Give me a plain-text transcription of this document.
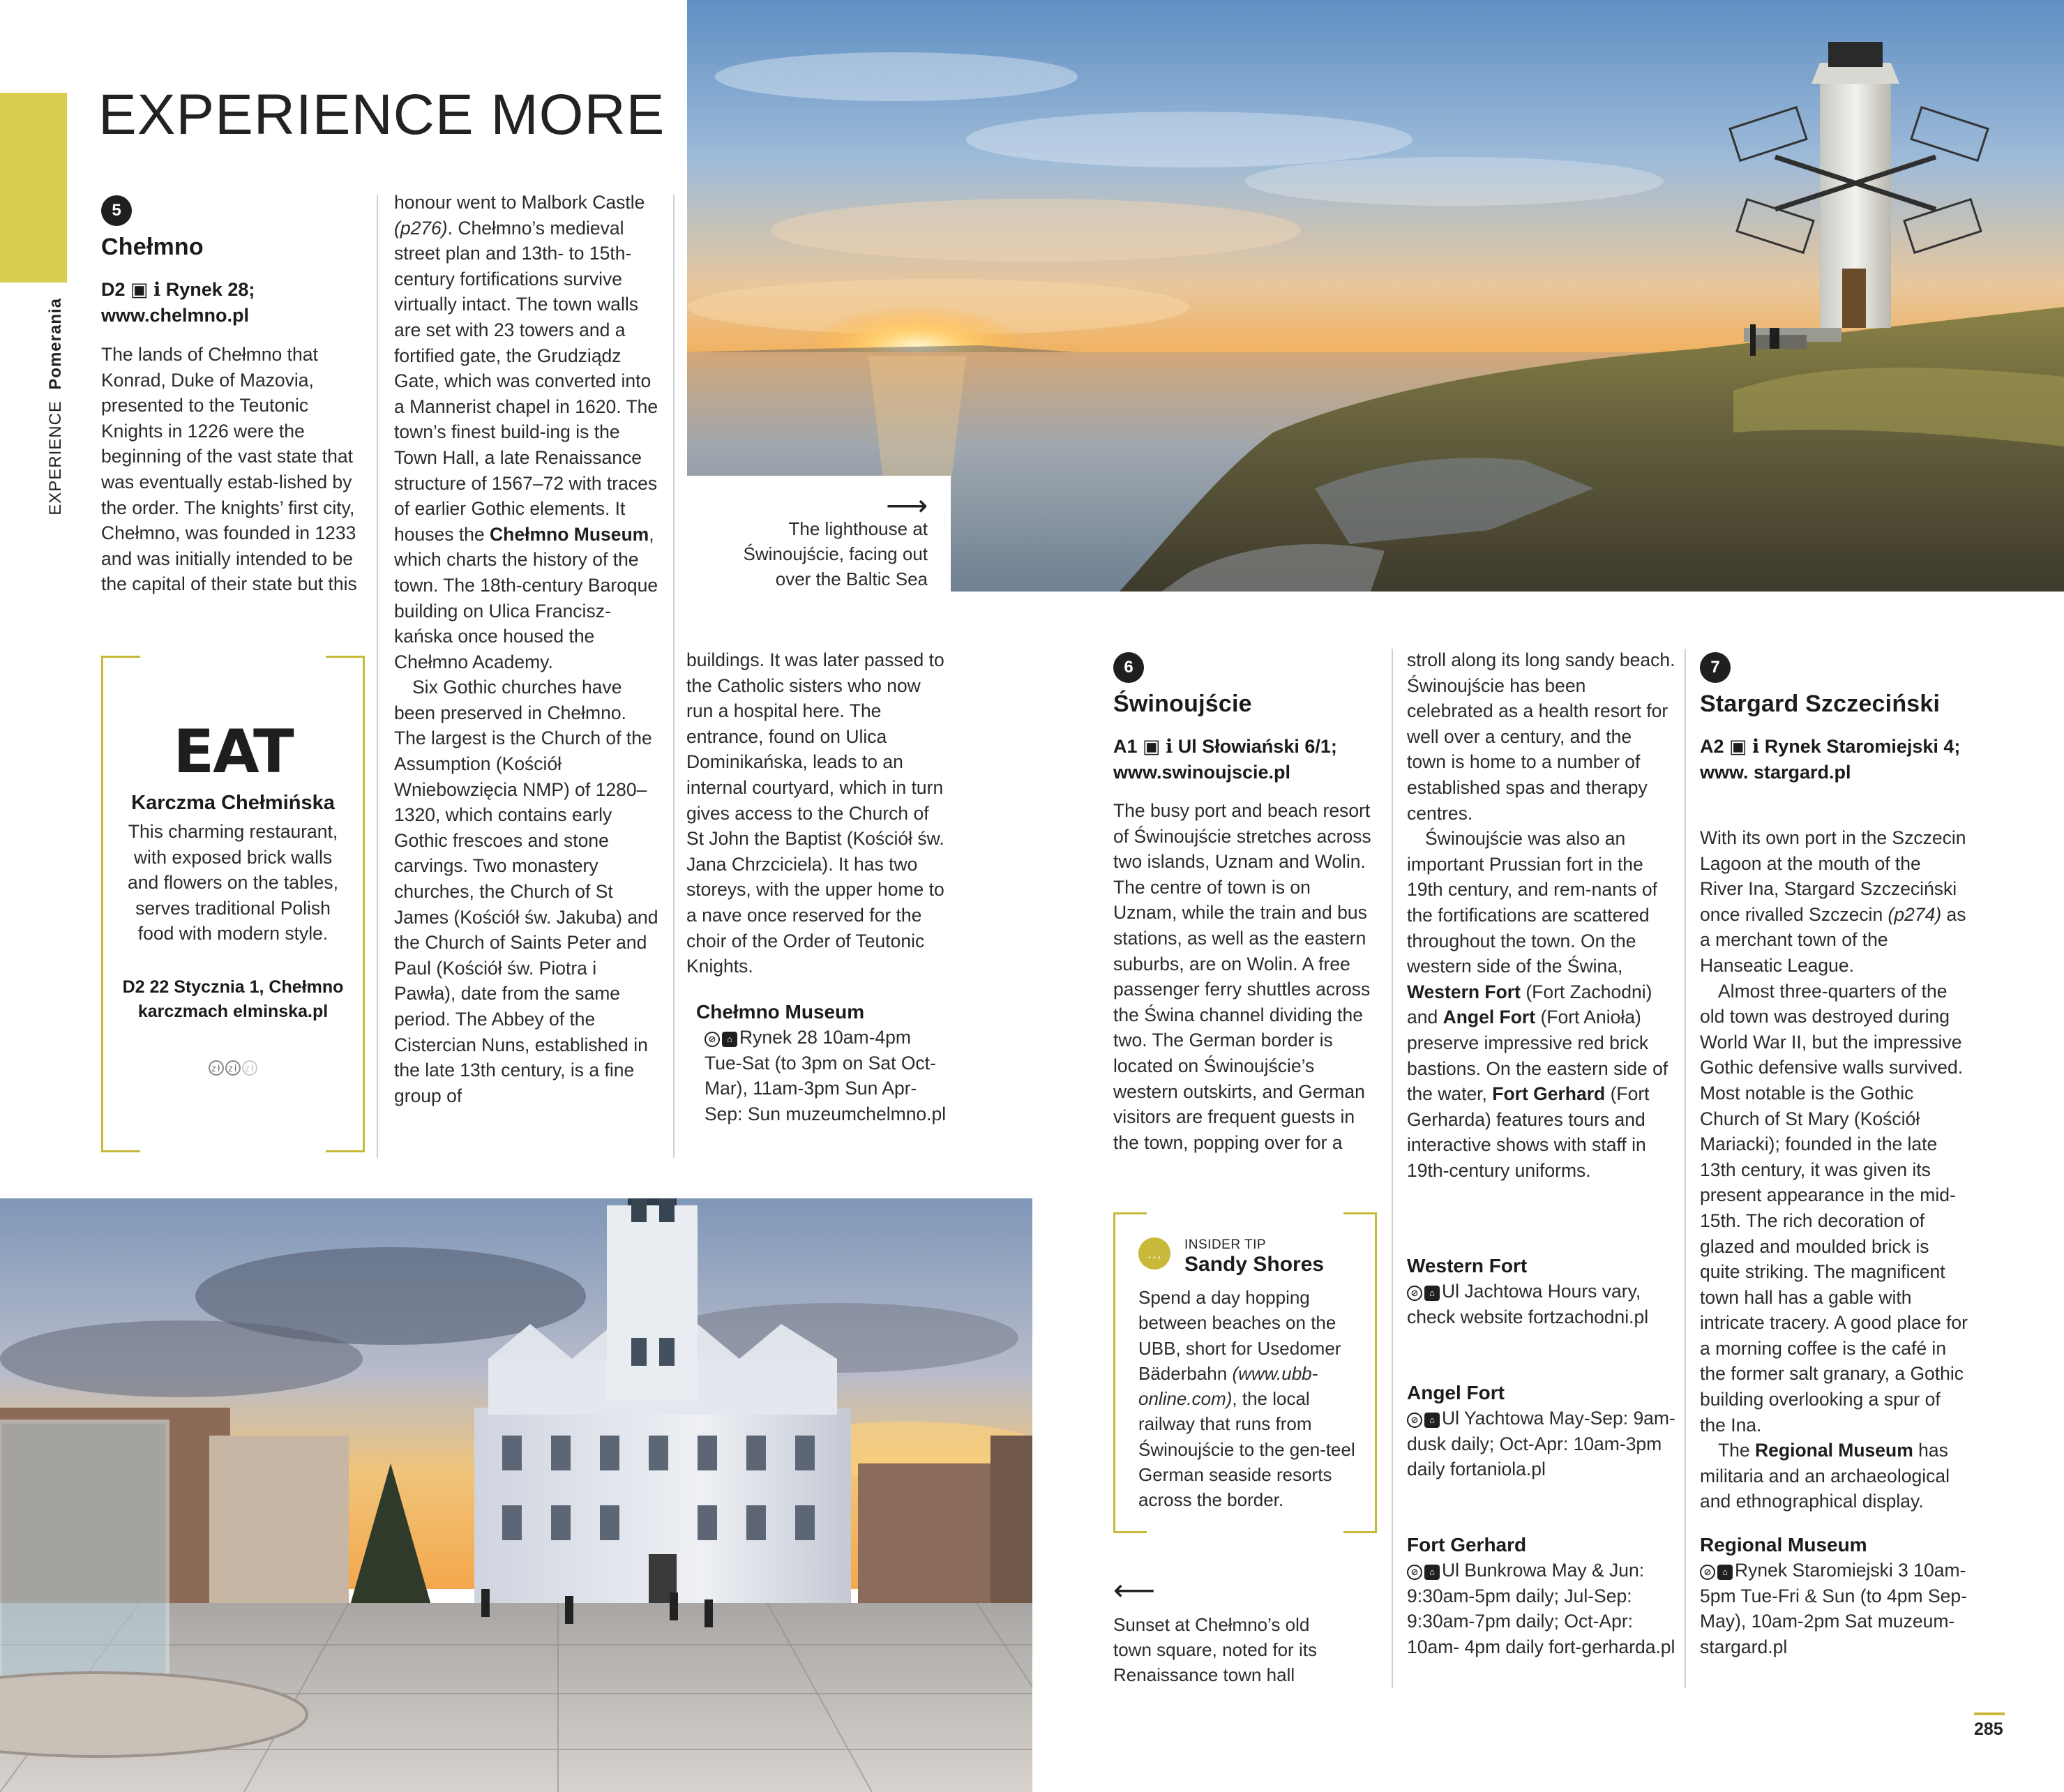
EXPERIENCE  Pomerania
EXPERIENCE MORE
⟶
The lighthouse at Świnoujście, facing out over the Baltic Sea
5
Chełmno
D2 ▣ ℹ Rynek 28; www.chelmno.pl

The lands of Chełmno that Konrad, Duke of Mazovia, presented to the Teutonic Knights in 1226 were the beginning of the vast state that was eventually estab-lished by the order. The knights’ first city, Chełmno, was founded in 1233 and was initially intended to be the capital of their state but this

honour went to Malbork Castle (p276). Chełmno’s medieval street plan and 13th- to 15th-century fortifications survive virtually intact. The town walls are set with 23 towers and a fortified gate, the Grudziądz Gate, which was converted into a Mannerist chapel in 1620. The town’s finest build-ing is the Town Hall, a late Renaissance structure of 1567–72 with traces of earlier Gothic elements. It houses the Chełmno Museum, which charts the history of the town. The 18th-century Baroque building on Ulica Francisz-kańska once housed the Chełmno Academy.

Six Gothic churches have been preserved in Chełmno. The largest is the Church of the Assumption (Kościół Wniebowzięcia NMP) of 1280–1320, which contains early Gothic frescoes and stone carvings. Two monastery churches, the Church of St James (Kościół św. Jakuba) and the Church of Saints Peter and Paul (Kościół św. Piotra i Pawła), date from the same period. The Abbey of the Cistercian Nuns, established in the late 13th century, is a fine group of

buildings. It was later passed to the Catholic sisters who now run a hospital here. The entrance, found on Ulica Dominikańska, leads to an internal courtyard, which in turn gives access to the Church of St John the Baptist (Kościół św. Jana Chrzciciela). It has two storeys, with the upper home to a nave once reserved for the choir of the Order of Teutonic Knights.

Chełmno Museum
⊘ ⌂ Rynek 28 10am-4pm Tue-Sat (to 3pm on Sat Oct-Mar), 11am-3pm Sun Apr-Sep: Sun muzeumchelmno.pl
EAT
Karczma Chełmińska
This charming restaurant, with exposed brick walls and flowers on the tables, serves traditional Polish food with modern style.
D2 22 Stycznia 1, Chełmno karczmach elminska.pl
zł zł zł
6
Świnoujście
A1 ▣ ℹ Ul Słowiański 6/1; www.swinoujscie.pl

The busy port and beach resort of Świnoujście stretches across two islands, Uznam and Wolin. The centre of town is on Uznam, while the train and bus stations, as well as the eastern suburbs, are on Wolin. A free passenger ferry shuttles across the Świna channel dividing the two. The German border is located on Świnoujście’s western outskirts, and German visitors are frequent guests in the town, popping over for a

stroll along its long sandy beach. Świnoujście has been celebrated as a health resort for well over a century, and the town is home to a number of established spas and therapy centres.

Świnoujście was also an important Prussian fort in the 19th century, and rem-nants of the fortifications are scattered throughout the town. On the western side of the Świna, Western Fort (Fort Zachodni) and Angel Fort (Fort Anioła) preserve impressive red brick bastions. On the eastern side of the water, Fort Gerhard (Fort Gerharda) features tours and interactive shows with staff in 19th-century uniforms.

Western Fort
⊘ ⌂ Ul Jachtowa Hours vary, check website fortzachodni.pl
Angel Fort
⊘ ⌂ Ul Yachtowa May-Sep: 9am-dusk daily; Oct-Apr: 10am-3pm daily fortaniola.pl
Fort Gerhard
⊘ ⌂ Ul Bunkrowa May & Jun: 9:30am-5pm daily; Jul-Sep: 9:30am-7pm daily; Oct-Apr: 10am- 4pm daily fort-gerharda.pl
…	INSIDER TIP
Sandy Shores
Spend a day hopping between beaches on the UBB, short for Usedomer Bäderbahn (www.ubb-online.com), the local railway that runs from Świnoujście to the gen-teel German seaside resorts across the border.
⟵
Sunset at Chełmno’s old town square, noted for its Renaissance town hall
7
Stargard Szczeciński
A2 ▣ ℹ Rynek Staromiejski 4; www. stargard.pl

With its own port in the Szczecin Lagoon at the mouth of the River Ina, Stargard Szczeciński once rivalled Szczecin (p274) as a merchant town of the Hanseatic League.

Almost three-quarters of the old town was destroyed during World War II, but the impressive Gothic defensive walls survived. Most notable is the Gothic Church of St Mary (Kościół Mariacki); founded in the late 13th century, it was given its present appearance in the mid-15th. The rich decoration of glazed and moulded brick is quite striking. The magnificent town hall has a gable with intricate tracery. A good place for a morning coffee is the café in the former salt granary, a Gothic building overlooking a spur of the Ina.

The Regional Museum has militaria and an archaeological and ethnographical display.

Regional Museum
⊘ ⌂ Rynek Staromiejski 3 10am-5pm Tue-Fri & Sun (to 4pm Sep-May), 10am-2pm Sat muzeum-stargard.pl
285
